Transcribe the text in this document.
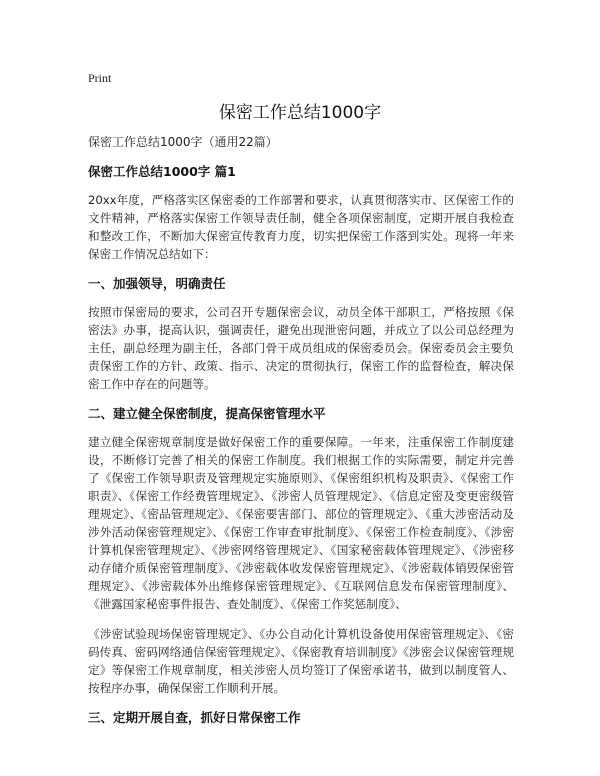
Print
保密工作总结1000字

保密工作总结1000字（通用22篇）

保密工作总结1000字 篇1

20xx年度，严格落实区保密委的工作部署和要求，认真贯彻落实市、区保密工作的文件精神，严格落实保密工作领导责任制，健全各项保密制度，定期开展自我检查和整改工作，不断加大保密宣传教育力度，切实把保密工作落到实处。现将一年来保密工作情况总结如下：

一、加强领导，明确责任

按照市保密局的要求，公司召开专题保密会议，动员全体干部职工，严格按照《保密法》办事，提高认识，强调责任，避免出现泄密问题，并成立了以公司总经理为主任，副总经理为副主任，各部门骨干成员组成的保密委员会。保密委员会主要负责保密工作的方针、政策、指示、决定的贯彻执行，保密工作的监督检查，解决保密工作中存在的问题等。

二、建立健全保密制度，提高保密管理水平

建立健全保密规章制度是做好保密工作的重要保障。一年来，注重保密工作制度建设，不断修订完善了相关的保密工作制度。我们根据工作的实际需要，制定并完善了《保密工作领导职责及管理规定实施原则》、《保密组织机构及职责》、《保密工作职责》、《保密工作经费管理规定》、《涉密人员管理规定》、《信息定密及变更密级管理规定》、《密品管理规定》、《保密要害部门、部位的管理规定》、《重大涉密活动及涉外活动保密管理规定》、《保密工作审查审批制度》、《保密工作检查制度》、《涉密计算机保密管理规定》、《涉密网络管理规定》、《国家秘密载体管理规定》、《涉密移动存储介质保密管理制度》、《涉密载体收发保密管理规定》、《涉密载体销毁保密管理规定》、《涉密载体外出维修保密管理规定》、《互联网信息发布保密管理制度》、《泄露国家秘密事件报告、查处制度》、《保密工作奖惩制度》、

《涉密试验现场保密管理规定》、《办公自动化计算机设备使用保密管理规定》、《密码传真、密码网络通信保密管理规定》、《保密教育培训制度》《涉密会议保密管理规定》等保密工作规章制度，相关涉密人员均签订了保密承诺书，做到以制度管人、按程序办事，确保保密工作顺利开展。

三、定期开展自查，抓好日常保密工作
